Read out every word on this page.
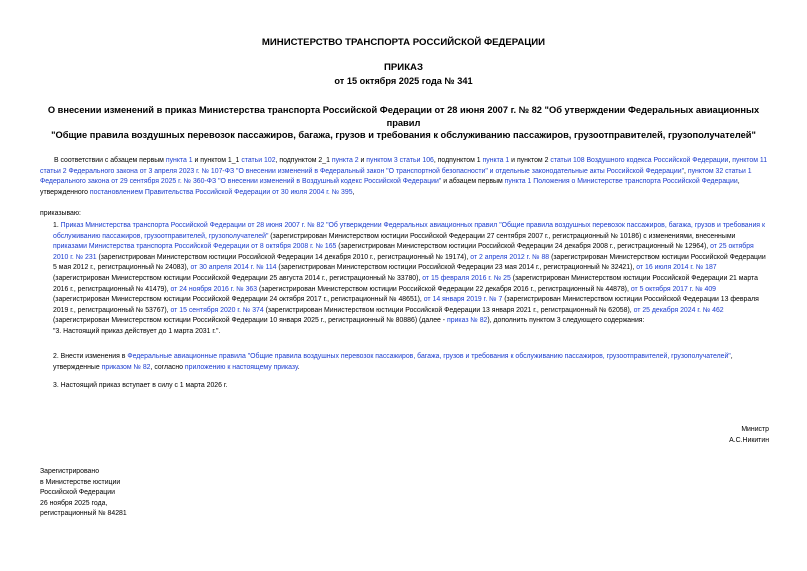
МИНИСТЕРСТВО ТРАНСПОРТА РОССИЙСКОЙ ФЕДЕРАЦИИ
ПРИКАЗ
от 15 октября 2025 года № 341
О внесении изменений в приказ Министерства транспорта Российской Федерации от 28 июня 2007 г. № 82 "Об утверждении Федеральных авиационных правил
"Общие правила воздушных перевозок пассажиров, багажа, грузов и требования к обслуживанию пассажиров, грузоотправителей, грузополучателей"
В соответствии с абзацем первым пункта 1 и пунктом 1_1 статьи 102, подпунктом 2_1 пункта 2 и пунктом 3 статьи 106, подпунктом 1 пункта 1 и пунктом 2 статьи 108 Воздушного кодекса Российской Федерации, пунктом 11 статьи 2 Федерального закона от 3 апреля 2023 г. № 107-ФЗ "О внесении изменений в Федеральный закон "О транспортной безопасности" и отдельные законодательные акты Российской Федерации", пунктом 32 статьи 1 Федерального закона от 29 сентября 2025 г. № 360-ФЗ "О внесении изменений в Воздушный кодекс Российской Федерации" и абзацем первым пункта 1 Положения о Министерстве транспорта Российской Федерации, утвержденного постановлением Правительства Российской Федерации от 30 июля 2004 г. № 395,
приказываю:
1. Приказ Министерства транспорта Российской Федерации от 28 июня 2007 г. № 82 "Об утверждении Федеральных авиационных правил "Общие правила воздушных перевозок пассажиров, багажа, грузов и требования к обслуживанию пассажиров, грузоотправителей, грузополучателей" (зарегистрирован Министерством юстиции Российской Федерации 27 сентября 2007 г., регистрационный № 10186) с изменениями, внесенными приказами Министерства транспорта Российской Федерации от 8 октября 2008 г. № 165 (зарегистрирован Министерством юстиции Российской Федерации 24 декабря 2008 г., регистрационный № 12964), от 25 октября 2010 г. № 231 (зарегистрирован Министерством юстиции Российской Федерации 14 декабря 2010 г., регистрационный № 19174), от 2 апреля 2012 г. № 88 (зарегистрирован Министерством юстиции Российской Федерации 5 мая 2012 г., регистрационный № 24083), от 30 апреля 2014 г. № 114 (зарегистрирован Министерством юстиции Российской Федерации 23 мая 2014 г., регистрационный № 32421), от 16 июля 2014 г. № 187 (зарегистрирован Министерством юстиции Российской Федерации 25 августа 2014 г., регистрационный № 33780), от 15 февраля 2016 г. № 25 (зарегистрирован Министерством юстиции Российской Федерации 21 марта 2016 г., регистрационный № 41479), от 24 ноября 2016 г. № 363 (зарегистрирован Министерством юстиции Российской Федерации 22 декабря 2016 г., регистрационный № 44878), от 5 октября 2017 г. № 409 (зарегистрирован Министерством юстиции Российской Федерации 24 октября 2017 г., регистрационный № 48651), от 14 января 2019 г. № 7 (зарегистрирован Министерством юстиции Российской Федерации 13 февраля 2019 г., регистрационный № 53767), от 15 сентября 2020 г. № 374 (зарегистрирован Министерством юстиции Российской Федерации 13 января 2021 г., регистрационный № 62058), от 25 декабря 2024 г. № 462 (зарегистрирован Министерством юстиции Российской Федерации 10 января 2025 г., регистрационный № 80886) (далее - приказ № 82), дополнить пунктом 3 следующего содержания:
"3. Настоящий приказ действует до 1 марта 2031 г.".
2. Внести изменения в Федеральные авиационные правила "Общие правила воздушных перевозок пассажиров, багажа, грузов и требования к обслуживанию пассажиров, грузоотправителей, грузополучателей", утвержденные приказом № 82, согласно приложению к настоящему приказу.
3. Настоящий приказ вступает в силу с 1 марта 2026 г.
Министр
А.С.Никитин
Зарегистрировано
в Министерстве юстиции
Российской Федерации
26 ноября 2025 года,
регистрационный № 84281
